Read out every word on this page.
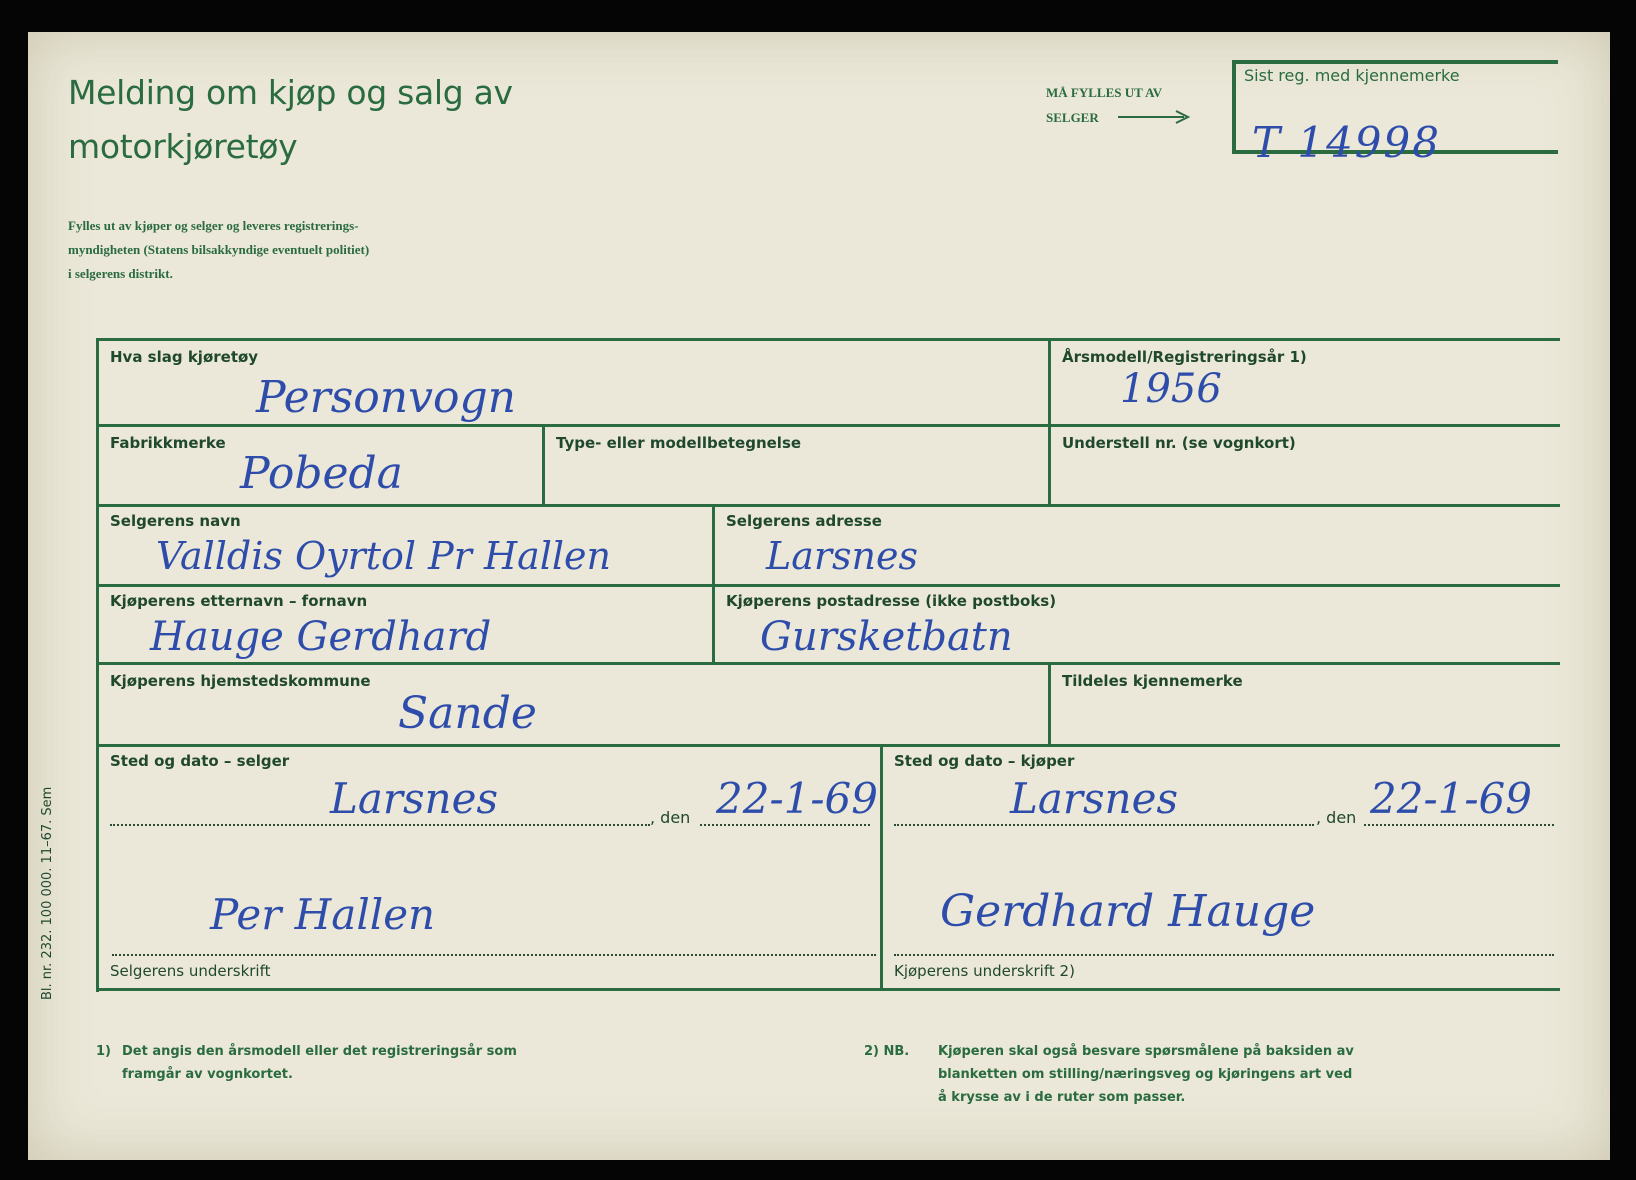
Melding om kjøp og salg av
motorkjøretøy
Fylles ut av kjøper og selger og leveres registrerings-
myndigheten (Statens bilsakkyndige eventuelt politiet)
i selgerens distrikt.
MÅ FYLLES UT AV
SELGER
Sist reg. med kjennemerke
T 14998
Hva slag kjøretøy
Personvogn
Årsmodell/Registreringsår 1)
1956
Fabrikkmerke
Pobeda
Type- eller modellbetegnelse	Understell nr. (se vognkort)
Selgerens navn
Valldis Oyrtol Pr Hallen
Selgerens adresse
Larsnes
Kjøperens etternavn – fornavn
Hauge Gerdhard
Kjøperens postadresse (ikke postboks)
Gursketbatn
Kjøperens hjemstedskommune
Sande
Tildeles kjennemerke
Sted og dato – selger
Larsnes	, den 22-1-69
Sted og dato – kjøper
Larsnes	, den 22-1-69
Per Hallen
Selgerens underskrift
Gerdhard Hauge
Kjøperens underskrift 2)
Bl. nr. 232. 100 000. 11–67. Sem
1) Det angis den årsmodell eller det registreringsår som
framgår av vognkortet.
2) NB. Kjøperen skal også besvare spørsmålene på baksiden av
blanketten om stilling/næringsveg og kjøringens art ved
å krysse av i de ruter som passer.
